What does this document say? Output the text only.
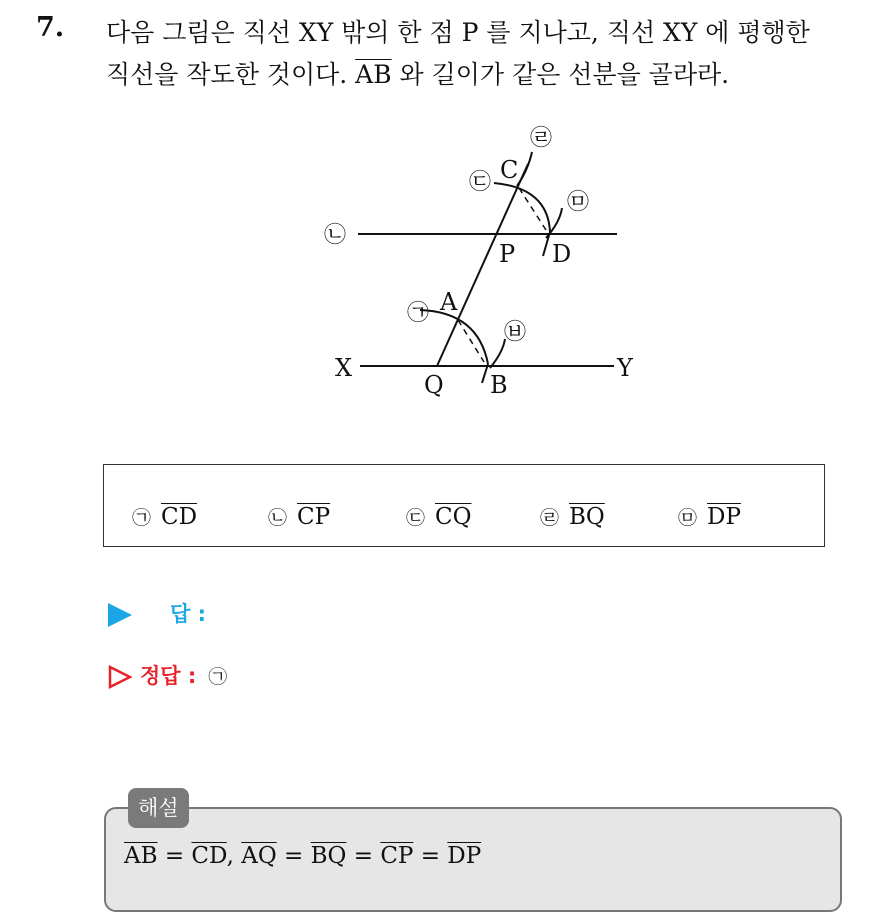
7. 다음 그림은 직선 XY 밖의 한 점 P 를 지나고, 직선 XY 에 평행한
직선을 작도한 것이다. $\overline{AB}$ 와 길이가 같은 선분을 골라라.
C
P D
A
X
Q B
Y
㉣
㉢
㉤
㉡
㉠
㉥
㉠ $\overline{CD}$	㉡ $\overline{CP}$	㉢ $\overline{CQ}$	㉣ $\overline{BQ}$	㉤ $\overline{DP}$
답 :
정답 : ㉠
해설
$\overline{AB} = \overline{CD}$, $\overline{AQ} = \overline{BQ} = \overline{CP} = \overline{DP}$
